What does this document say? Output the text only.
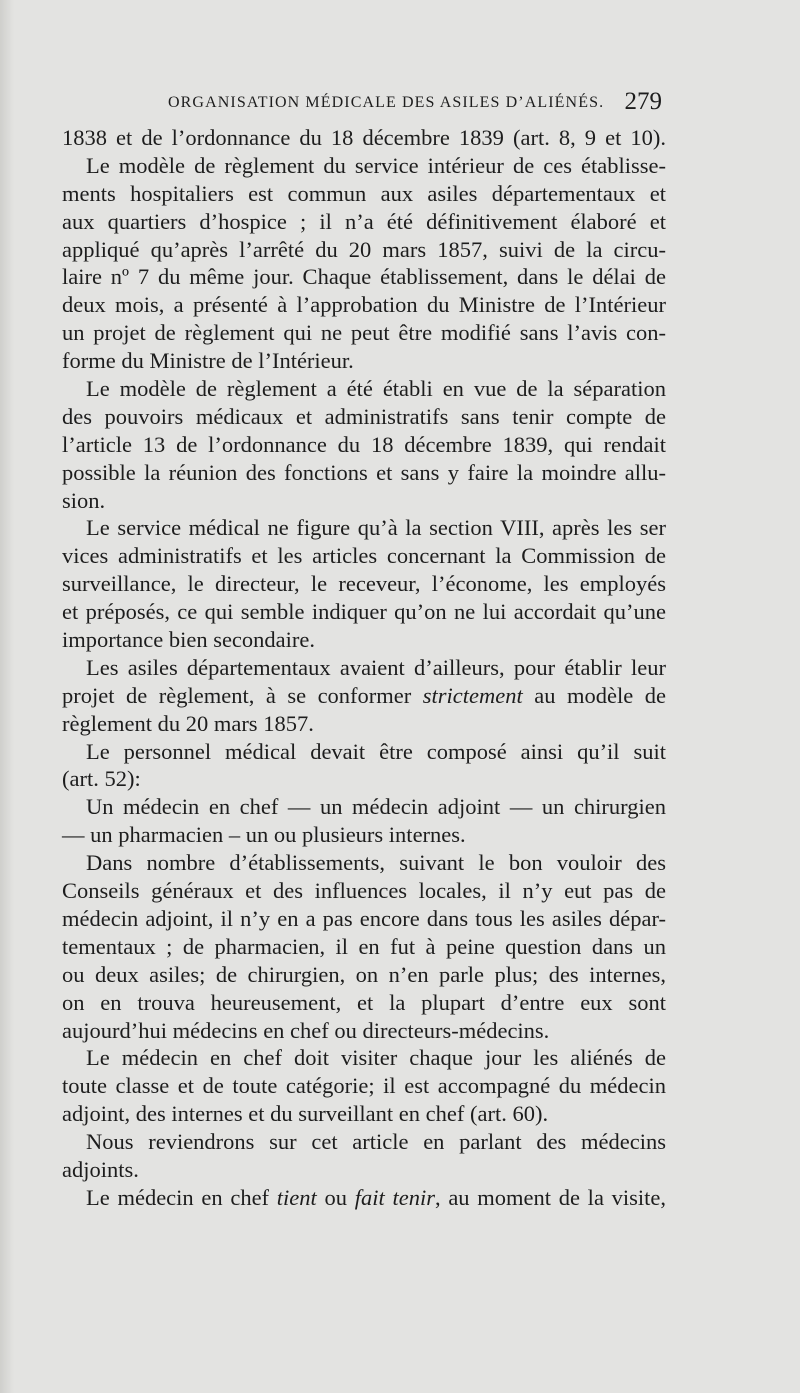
ORGANISATION MÉDICALE DES ASILES D’ALIÉNÉS. 279
1838 et de l’ordonnance du 18 décembre 1839 (art. 8, 9 et 10).
Le modèle de règlement du service intérieur de ces établisse-
ments hospitaliers est commun aux asiles départementaux et
aux quartiers d’hospice ; il n’a été définitivement élaboré et
appliqué qu’après l’arrêté du 20 mars 1857, suivi de la circu-
laire nº 7 du même jour. Chaque établissement, dans le délai de
deux mois, a présenté à l’approbation du Ministre de l’Intérieur
un projet de règlement qui ne peut être modifié sans l’avis con-
forme du Ministre de l’Intérieur.
Le modèle de règlement a été établi en vue de la séparation
des pouvoirs médicaux et administratifs sans tenir compte de
l’article 13 de l’ordonnance du 18 décembre 1839, qui rendait
possible la réunion des fonctions et sans y faire la moindre allu-
sion.
Le service médical ne figure qu’à la section VIII, après les ser
vices administratifs et les articles concernant la Commission de
surveillance, le directeur, le receveur, l’économe, les employés
et préposés, ce qui semble indiquer qu’on ne lui accordait qu’une
importance bien secondaire.
Les asiles départementaux avaient d’ailleurs, pour établir leur
projet de règlement, à se conformer strictement au modèle de
règlement du 20 mars 1857.
Le personnel médical devait être composé ainsi qu’il suit
(art. 52):
Un médecin en chef — un médecin adjoint — un chirurgien
— un pharmacien – un ou plusieurs internes.
Dans nombre d’établissements, suivant le bon vouloir des
Conseils généraux et des influences locales, il n’y eut pas de
médecin adjoint, il n’y en a pas encore dans tous les asiles dépar-
tementaux ; de pharmacien, il en fut à peine question dans un
ou deux asiles; de chirurgien, on n’en parle plus; des internes,
on en trouva heureusement, et la plupart d’entre eux sont
aujourd’hui médecins en chef ou directeurs-médecins.
Le médecin en chef doit visiter chaque jour les aliénés de
toute classe et de toute catégorie; il est accompagné du médecin
adjoint, des internes et du surveillant en chef (art. 60).
Nous reviendrons sur cet article en parlant des médecins
adjoints.
Le médecin en chef tient ou fait tenir, au moment de la visite,
